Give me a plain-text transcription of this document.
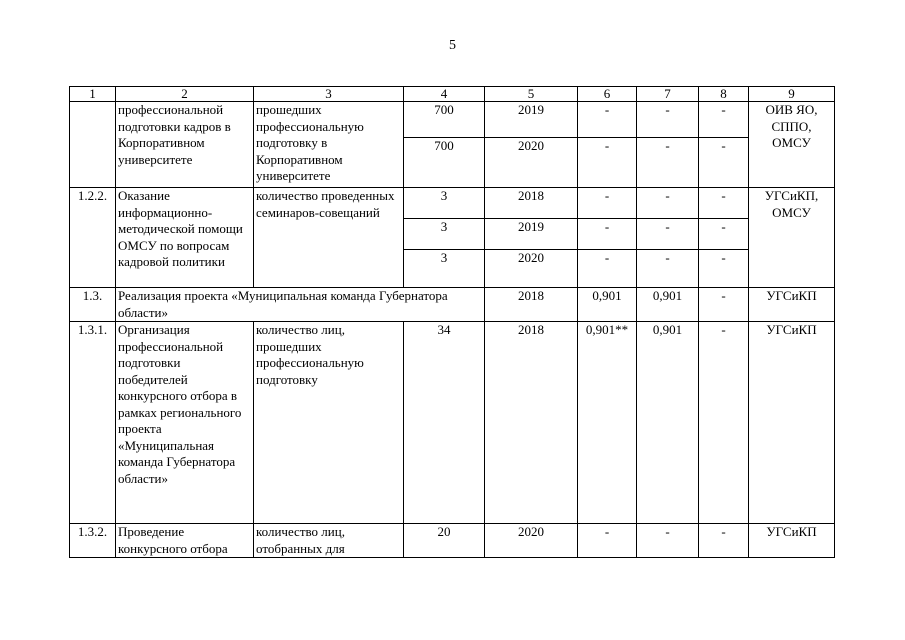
5
1	2	3	4	5	6	7	8	9
	профессиональной подготовки кадров в Корпоративном университете	прошедших профессиональную подготовку в Корпоративном университете	700	2019	-	-	-	ОИВ ЯО, СППО, ОМСУ
			700	2020	-	-	-	
1.2.2.	Оказание информационно-методической помощи ОМСУ по вопросам кадровой политики	количество проведенных семинаров-совещаний	3	2018	-	-	-	УГСиКП, ОМСУ
			3	2019	-	-	-	
			3	2020	-	-	-	
1.3.	Реализация проекта «Муниципальная команда Губернатора области»			2018	0,901	0,901	-	УГСиКП
1.3.1.	Организация профессиональной подготовки победителей конкурсного отбора в рамках регионального проекта «Муниципальная команда Губернатора области»	количество лиц, прошедших профессиональную подготовку	34	2018	0,901**	0,901	-	УГСиКП
1.3.2.	Проведение конкурсного отбора	количество лиц, отобранных для	20	2020	-	-	-	УГСиКП
